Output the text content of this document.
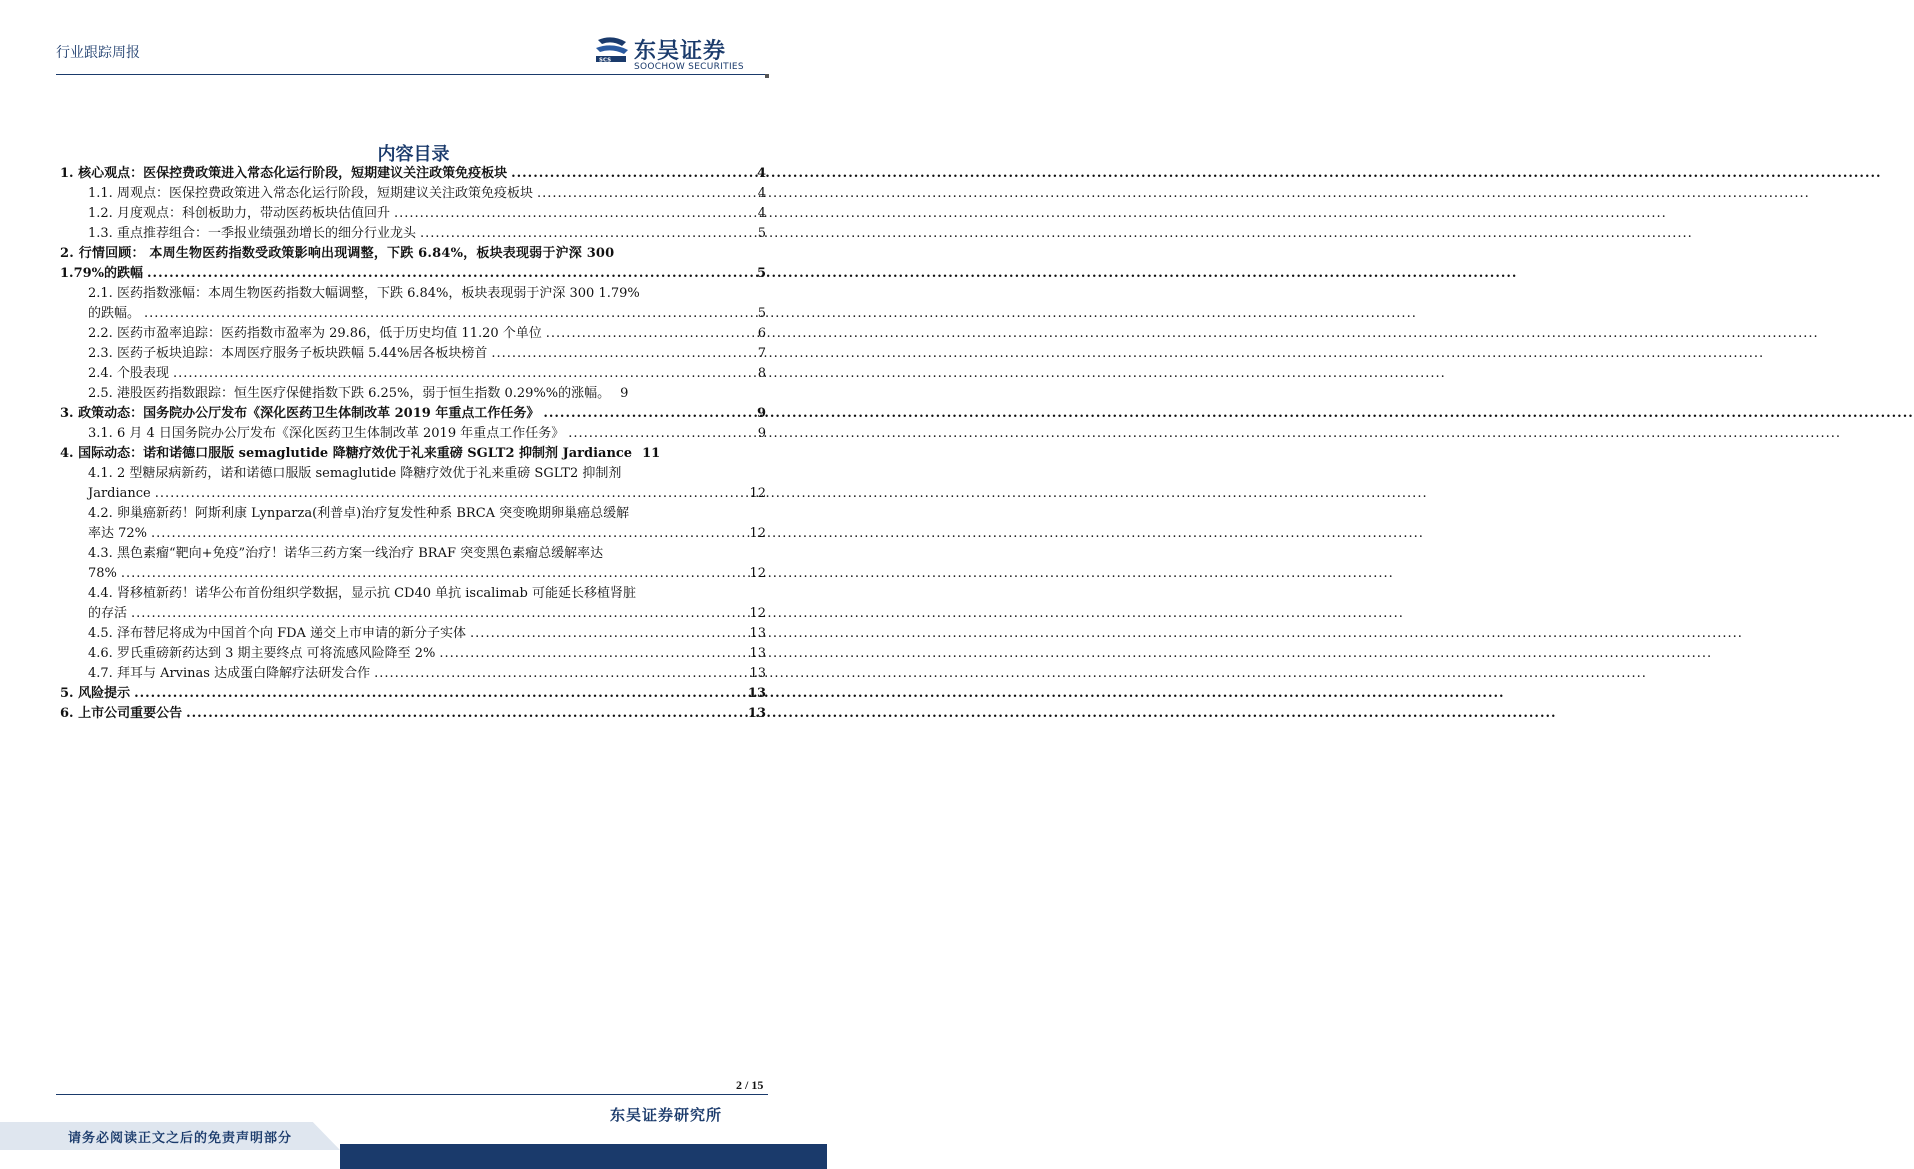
行业跟踪周报	SCS 东吴证券
SOOCHOW SECURITIES
内容目录
1. 核心观点：医保控费政策进入常态化运行阶段，短期建议关注政策免疫板块 .....	4
1.1. 周观点：医保控费政策进入常态化运行阶段，短期建议关注政策免疫板块 .....	4
1.2. 月度观点：科创板助力，带动医药板块估值回升 .....	4
1.3. 重点推荐组合：一季报业绩强劲增长的细分行业龙头 .....	5
2. 行情回顾： 本周生物医药指数受政策影响出现调整，下跌 6.84%，板块表现弱于沪深 300
1.79%的跌幅 .....	5
2.1. 医药指数涨幅：本周生物医药指数大幅调整，下跌 6.84%，板块表现弱于沪深 300 1.79%
的跌幅。 .....	5
2.2. 医药市盈率追踪：医药指数市盈率为 29.86，低于历史均值 11.20 个单位 .....	6
2.3. 医药子板块追踪：本周医疗服务子板块跌幅 5.44%居各板块榜首 .....	7
2.4. 个股表现 .....	8
2.5. 港股医药指数跟踪：恒生医疗保健指数下跌 6.25%，弱于恒生指数 0.29%%的涨幅。 9
3. 政策动态：国务院办公厅发布《深化医药卫生体制改革 2019 年重点工作任务》 .....	9
3.1. 6 月 4 日国务院办公厅发布《深化医药卫生体制改革 2019 年重点工作任务》 .....	9
4. 国际动态：诺和诺德口服版 semaglutide 降糖疗效优于礼来重磅 SGLT2 抑制剂 Jardiance 11
4.1. 2 型糖尿病新药，诺和诺德口服版 semaglutide 降糖疗效优于礼来重磅 SGLT2 抑制剂
Jardiance .....	12
4.2. 卵巢癌新药！阿斯利康 Lynparza(利普卓)治疗复发性种系 BRCA 突变晚期卵巢癌总缓解
率达 72% .....	12
4.3. 黑色素瘤“靶向+免疫”治疗！诺华三药方案一线治疗 BRAF 突变黑色素瘤总缓解率达
78% .....	12
4.4. 肾移植新药！诺华公布首份组织学数据，显示抗 CD40 单抗 iscalimab 可能延长移植肾脏
的存活 .....	12
4.5. 泽布替尼将成为中国首个向 FDA 递交上市申请的新分子实体 .....	13
4.6. 罗氏重磅新药达到 3 期主要终点 可将流感风险降至 2% .....	13
4.7. 拜耳与 Arvinas 达成蛋白降解疗法研发合作 .....	13
5. 风险提示 .....	13
6. 上市公司重要公告 .....	13
2 / 15
东吴证券研究所
请务必阅读正文之后的免责声明部分
